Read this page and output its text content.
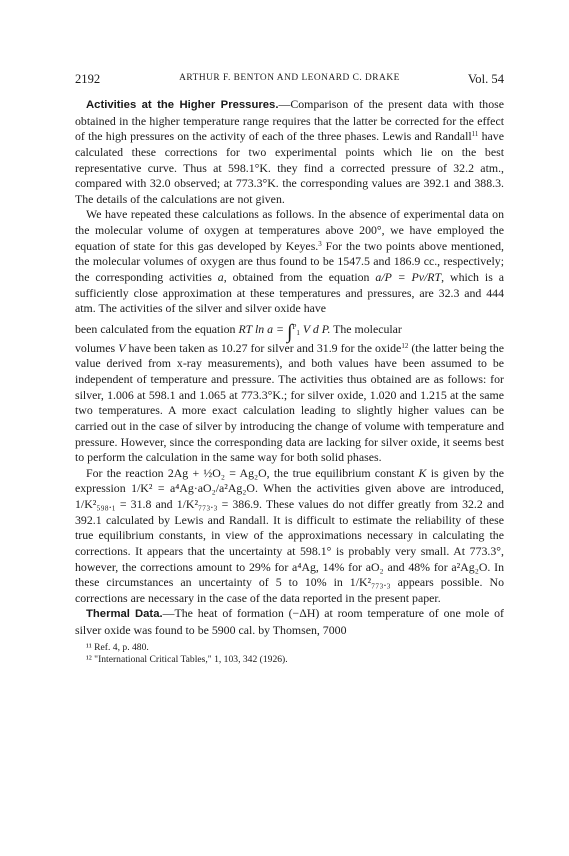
2192	ARTHUR F. BENTON AND LEONARD C. DRAKE	Vol. 54

Activities at the Higher Pressures.—Comparison of the present data with those obtained in the higher temperature range requires that the latter be corrected for the effect of the high pressures on the activity of each of the three phases. Lewis and Randall$^{11}$ have calculated these corrections for two experimental points which lie on the best representative curve. Thus at 598.1°K. they find a corrected pressure of 32.2 atm., compared with 32.0 observed; at 773.3°K. the corresponding values are 392.1 and 388.3. The details of the calculations are not given.

We have repeated these calculations as follows. In the absence of experimental data on the molecular volume of oxygen at temperatures above 200°, we have employed the equation of state for this gas developed by Keyes.$^3$ For the two points above mentioned, the molecular volumes of oxygen are thus found to be 1547.5 and 186.9 cc., respectively; the corresponding activities a, obtained from the equation a/P = Pv/RT, which is a sufficiently close approximation at these temperatures and pressures, are 32.3 and 444 atm. The activities of the silver and silver oxide have

been calculated from the equation RT ln a = ∫$^P_1$ V d P. The molecular

volumes V have been taken as 10.27 for silver and 31.9 for the oxide$^{12}$ (the latter being the value derived from x-ray measurements), and both values have been assumed to be independent of temperature and pressure. The activities thus obtained are as follows: for silver, 1.006 at 598.1 and 1.065 at 773.3°K.; for silver oxide, 1.020 and 1.215 at the same two temperatures. A more exact calculation leading to slightly higher values can be carried out in the case of silver by introducing the change of volume with temperature and pressure. However, since the corresponding data are lacking for silver oxide, it seems best to perform the calculation in the same way for both solid phases.

For the reaction 2Ag + ½O₂ = Ag₂O, the true equilibrium constant K is given by the expression 1/K² = a⁴Ag·aO₂/a²Ag₂O. When the activities given above are introduced, 1/K²₅₉₈.₁ = 31.8 and 1/K²₇₇₃.₃ = 386.9. These values do not differ greatly from 32.2 and 392.1 calculated by Lewis and Randall. It is difficult to estimate the reliability of these true equilibrium constants, in view of the approximations necessary in calculating the corrections. It appears that the uncertainty at 598.1° is probably very small. At 773.3°, however, the corrections amount to 29% for a⁴Ag, 14% for aO₂ and 48% for a²Ag₂O. In these circumstances an uncertainty of 5 to 10% in 1/K²₇₇₃.₃ appears possible. No corrections are necessary in the case of the data reported in the present paper.

Thermal Data.—The heat of formation (−ΔH) at room temperature of one mole of silver oxide was found to be 5900 cal. by Thomsen, 7000

¹¹ Ref. 4, p. 480.
¹² "International Critical Tables," 1, 103, 342 (1926).
